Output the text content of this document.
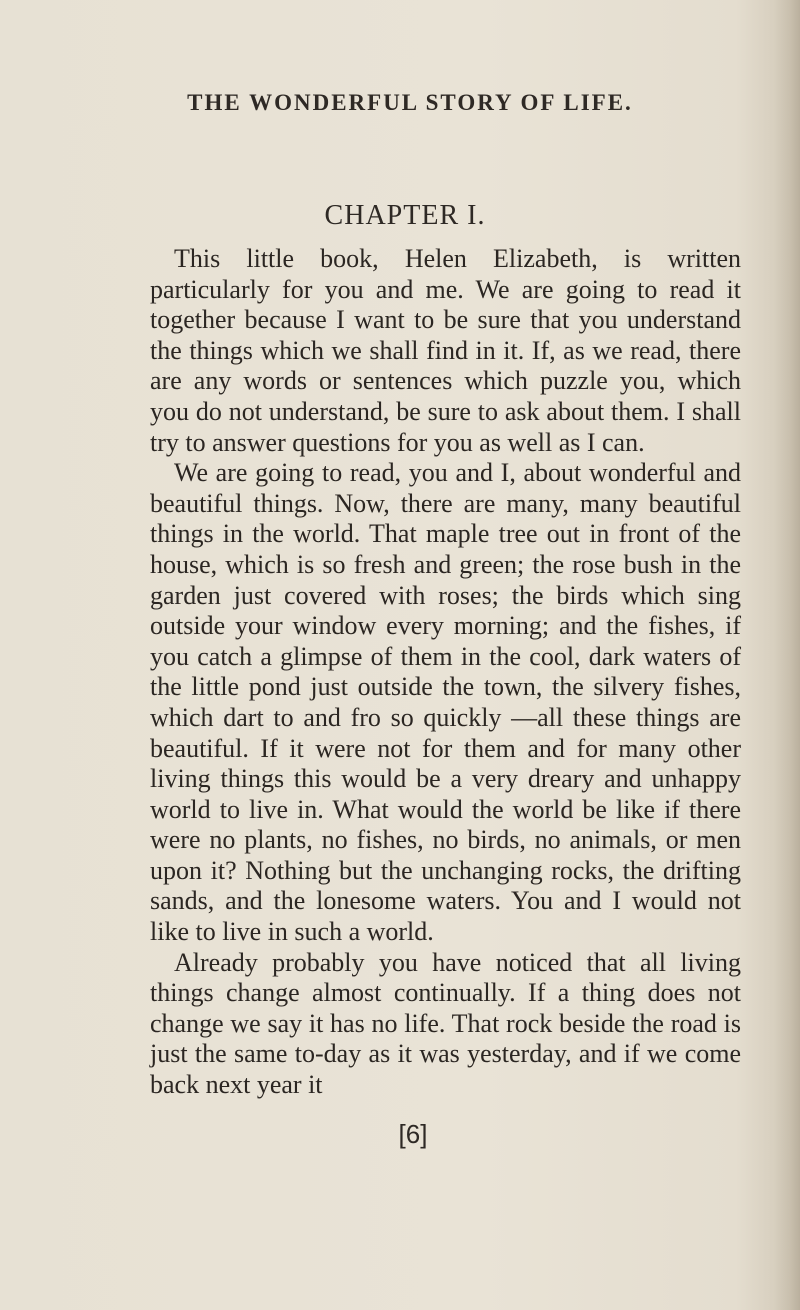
THE WONDERFUL STORY OF LIFE.
CHAPTER I.

This little book, Helen Elizabeth, is written particularly for you and me. We are going to read it together because I want to be sure that you understand the things which we shall find in it. If, as we read, there are any words or sentences which puzzle you, which you do not understand, be sure to ask about them. I shall try to answer questions for you as well as I can.

We are going to read, you and I, about wonderful and beautiful things. Now, there are many, many beautiful things in the world. That maple tree out in front of the house, which is so fresh and green; the rose bush in the garden just covered with roses; the birds which sing outside your window every morning; and the fishes, if you catch a glimpse of them in the cool, dark waters of the little pond just outside the town, the silvery fishes, which dart to and fro so quickly —all these things are beautiful. If it were not for them and for many other living things this would be a very dreary and unhappy world to live in. What would the world be like if there were no plants, no fishes, no birds, no animals, or men upon it? Nothing but the unchanging rocks, the drifting sands, and the lonesome waters. You and I would not like to live in such a world.

Already probably you have noticed that all living things change almost continually. If a thing does not change we say it has no life. That rock beside the road is just the same to-day as it was yesterday, and if we come back next year it

[6]
